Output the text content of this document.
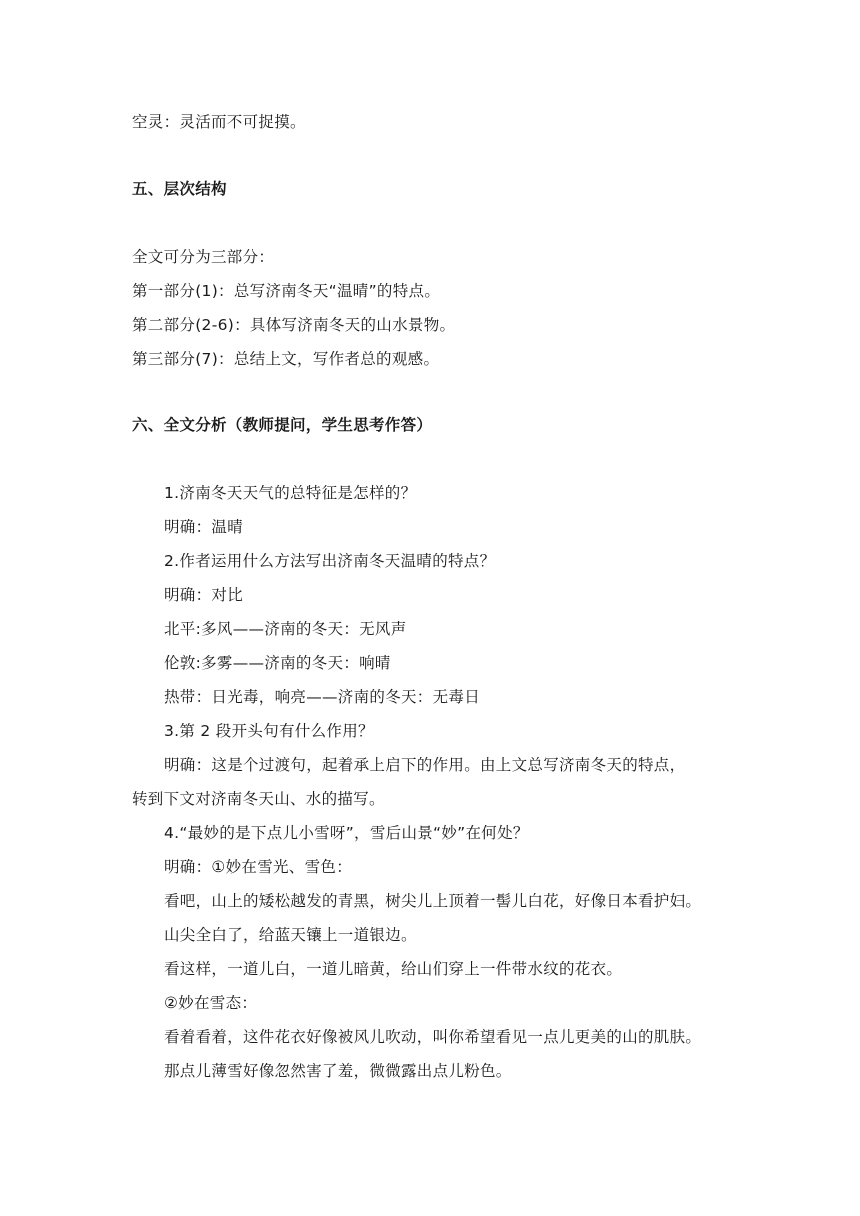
空灵：灵活而不可捉摸。
五、层次结构
全文可分为三部分：
第一部分(1)：总写济南冬天“温晴”的特点。
第二部分(2-6)：具体写济南冬天的山水景物。
第三部分(7)：总结上文，写作者总的观感。
六、全文分析（教师提问，学生思考作答）
1.济南冬天天气的总特征是怎样的？
明确：温晴
2.作者运用什么方法写出济南冬天温晴的特点？
明确：对比
北平:多风——济南的冬天：无风声
伦敦:多雾——济南的冬天：响晴
热带：日光毒，响亮——济南的冬天：无毒日
3.第 2 段开头句有什么作用？
明确：这是个过渡句，起着承上启下的作用。由上文总写济南冬天的特点，
转到下文对济南冬天山、水的描写。
4.“最妙的是下点儿小雪呀”，雪后山景“妙”在何处？
明确：①妙在雪光、雪色：
看吧，山上的矮松越发的青黑，树尖儿上顶着一髻儿白花，好像日本看护妇。
山尖全白了，给蓝天镶上一道银边。
看这样，一道儿白，一道儿暗黄，给山们穿上一件带水纹的花衣。
②妙在雪态：
看着看着，这件花衣好像被风儿吹动，叫你希望看见一点儿更美的山的肌肤。
那点儿薄雪好像忽然害了羞，微微露出点儿粉色。
